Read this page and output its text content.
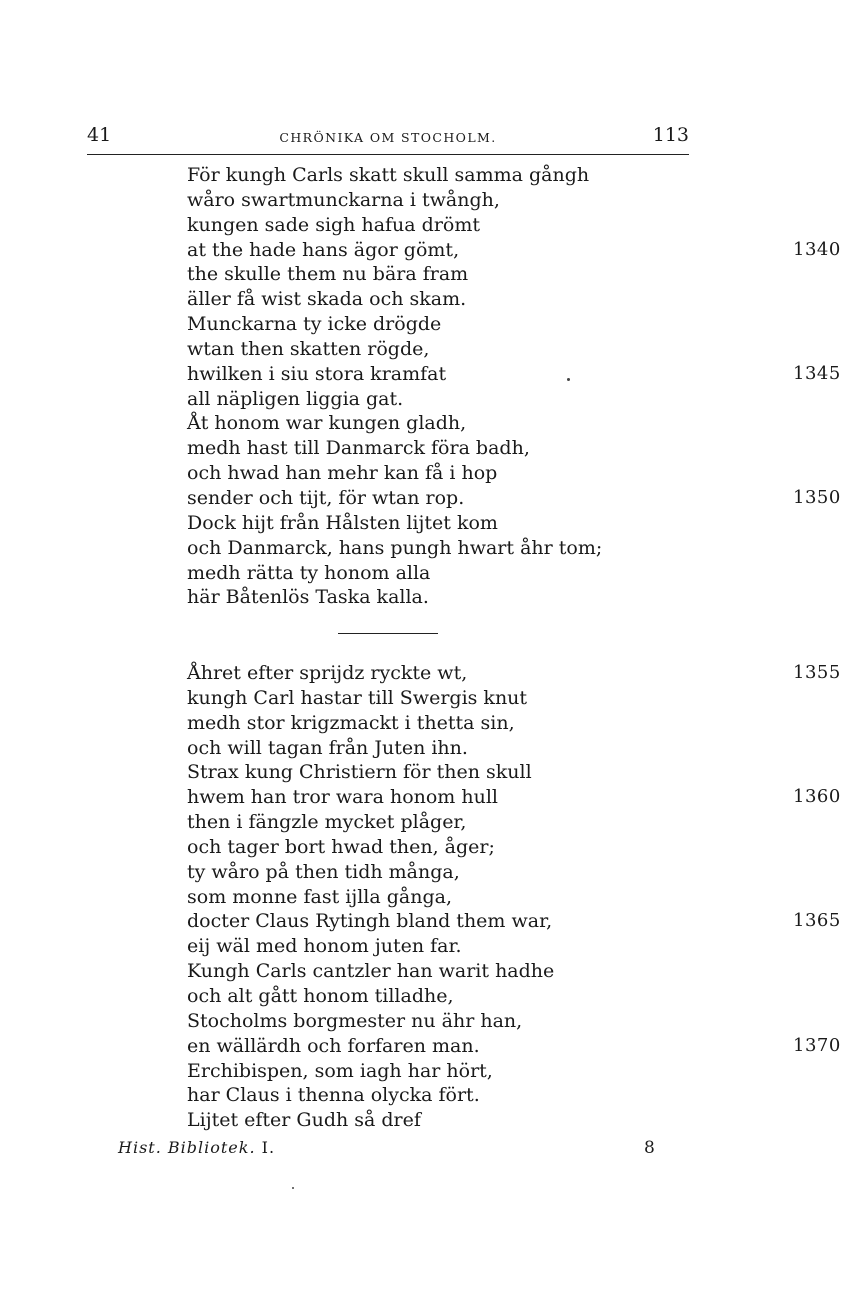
41	CHRÖNIKA OM STOCHOLM.	113
För kungh Carls skatt skull samma gångh
wåro swartmunckarna i twångh,
kungen sade sigh hafua drömt
at the hade hans ägor gömt,	1340
the skulle them nu bära fram
äller få wist skada och skam.
Munckarna ty icke drögde
wtan then skatten rögde,
hwilken i siu stora kramfat	1345
all näpligen liggia gat.
Åt honom war kungen gladh,
medh hast till Danmarck föra badh,
och hwad han mehr kan få i hop
sender och tijt, för wtan rop.	1350
Dock hijt från Hålsten lijtet kom
och Danmarck, hans pungh hwart åhr tom;
medh rätta ty honom alla
här Båtenlös Taska kalla.
Åhret efter sprijdz ryckte wt,	1355
kungh Carl hastar till Swergis knut
medh stor krigzmackt i thetta sin,
och will tagan från Juten ihn.
Strax kung Christiern för then skull
hwem han tror wara honom hull	1360
then i fängzle mycket plåger,
och tager bort hwad then, åger;
ty wåro på then tidh många,
som monne fast ijlla gånga,
docter Claus Rytingh bland them war,	1365
eij wäl med honom juten far.
Kungh Carls cantzler han warit hadhe
och alt gått honom tilladhe,
Stocholms borgmester nu ähr han,
en wällärdh och forfaren man.	1370
Erchibispen, som iagh har hört,
har Claus i thenna olycka fört.
Lijtet efter Gudh så dref
Hist. Bibliotek. I.	8
